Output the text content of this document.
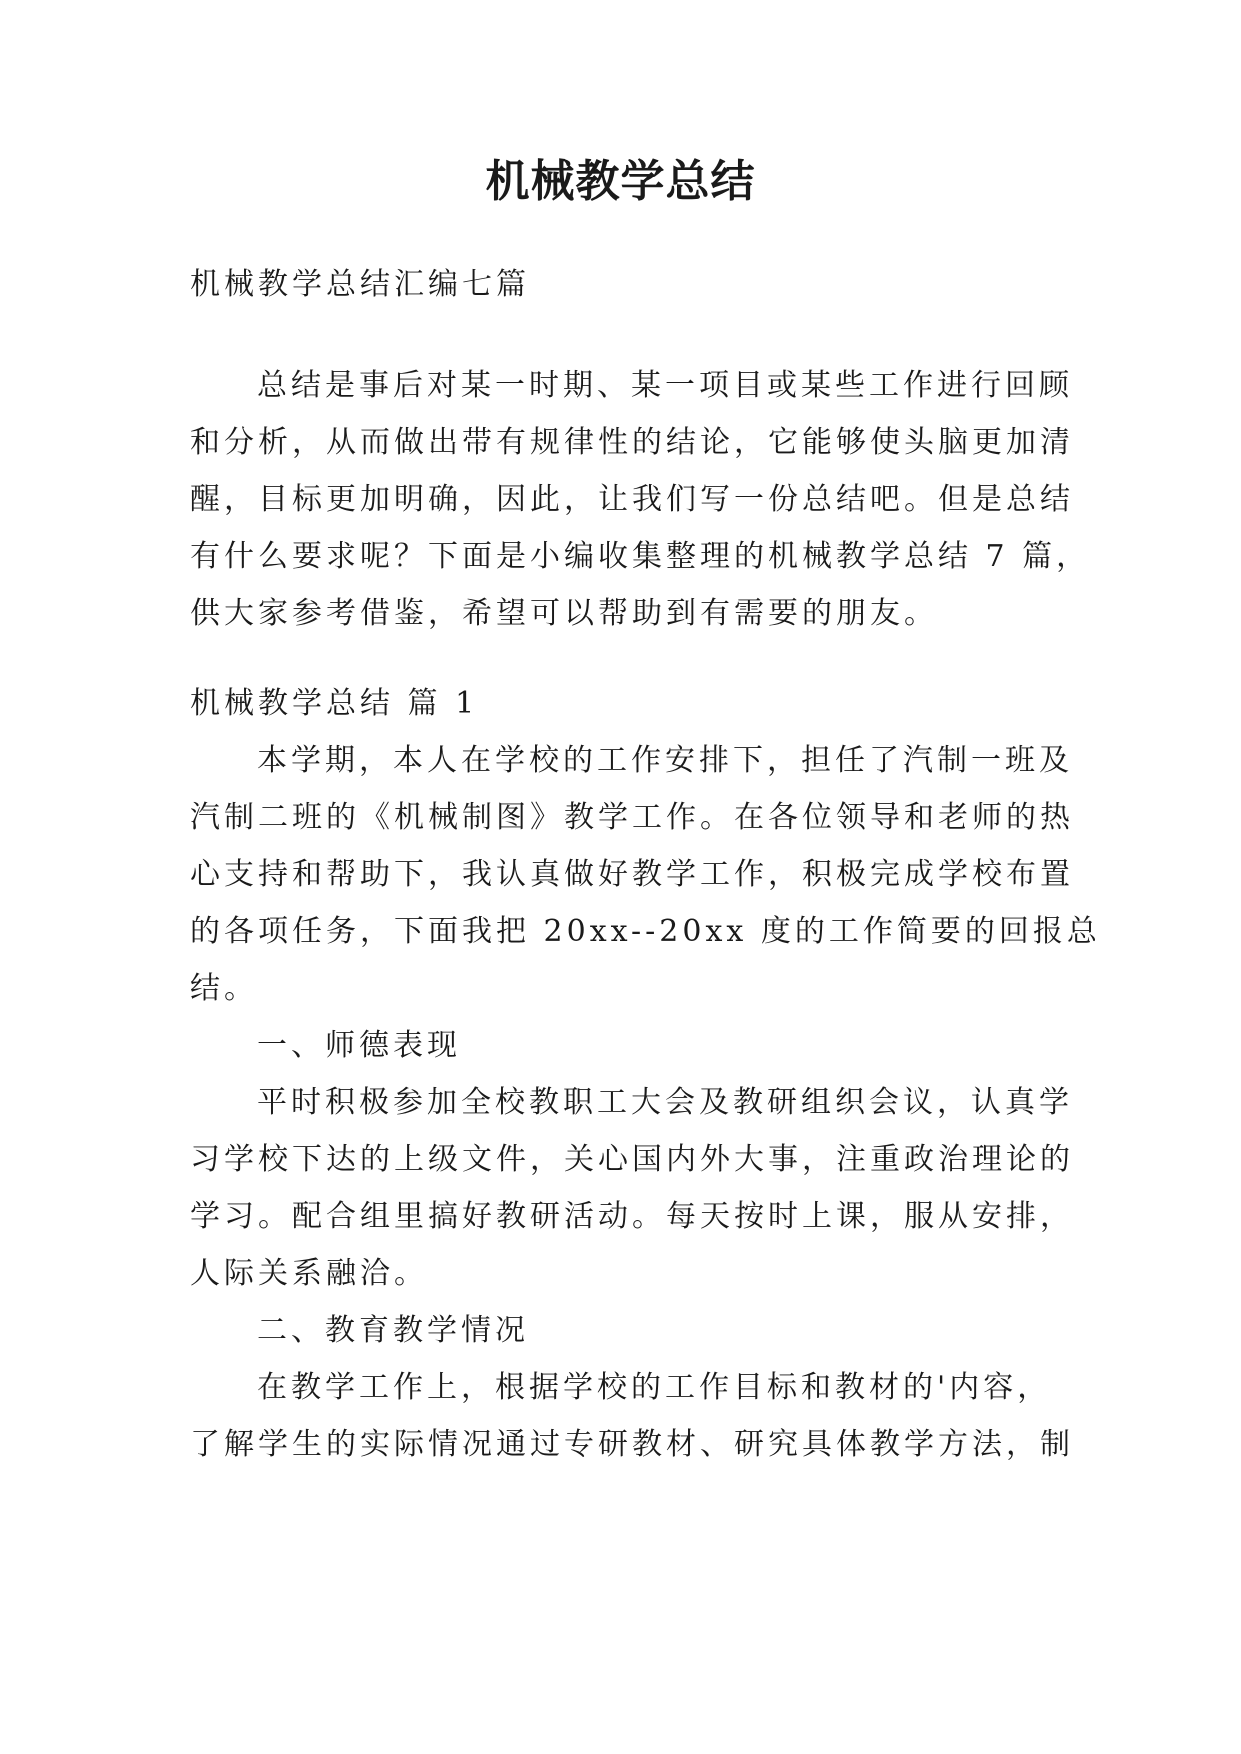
机械教学总结
机械教学总结汇编七篇
总结是事后对某一时期、某一项目或某些工作进行回顾
和分析，从而做出带有规律性的结论，它能够使头脑更加清
醒，目标更加明确，因此，让我们写一份总结吧。但是总结
有什么要求呢？下面是小编收集整理的机械教学总结 7 篇，
供大家参考借鉴，希望可以帮助到有需要的朋友。
机械教学总结 篇 1
本学期，本人在学校的工作安排下，担任了汽制一班及
汽制二班的《机械制图》教学工作。在各位领导和老师的热
心支持和帮助下，我认真做好教学工作，积极完成学校布置
的各项任务，下面我把 20xx--20xx 度的工作简要的回报总
结。
一、师德表现
平时积极参加全校教职工大会及教研组织会议，认真学
习学校下达的上级文件，关心国内外大事，注重政治理论的
学习。配合组里搞好教研活动。每天按时上课，服从安排，
人际关系融洽。
二、教育教学情况
在教学工作上，根据学校的工作目标和教材的'内容，
了解学生的实际情况通过专研教材、研究具体教学方法，制
